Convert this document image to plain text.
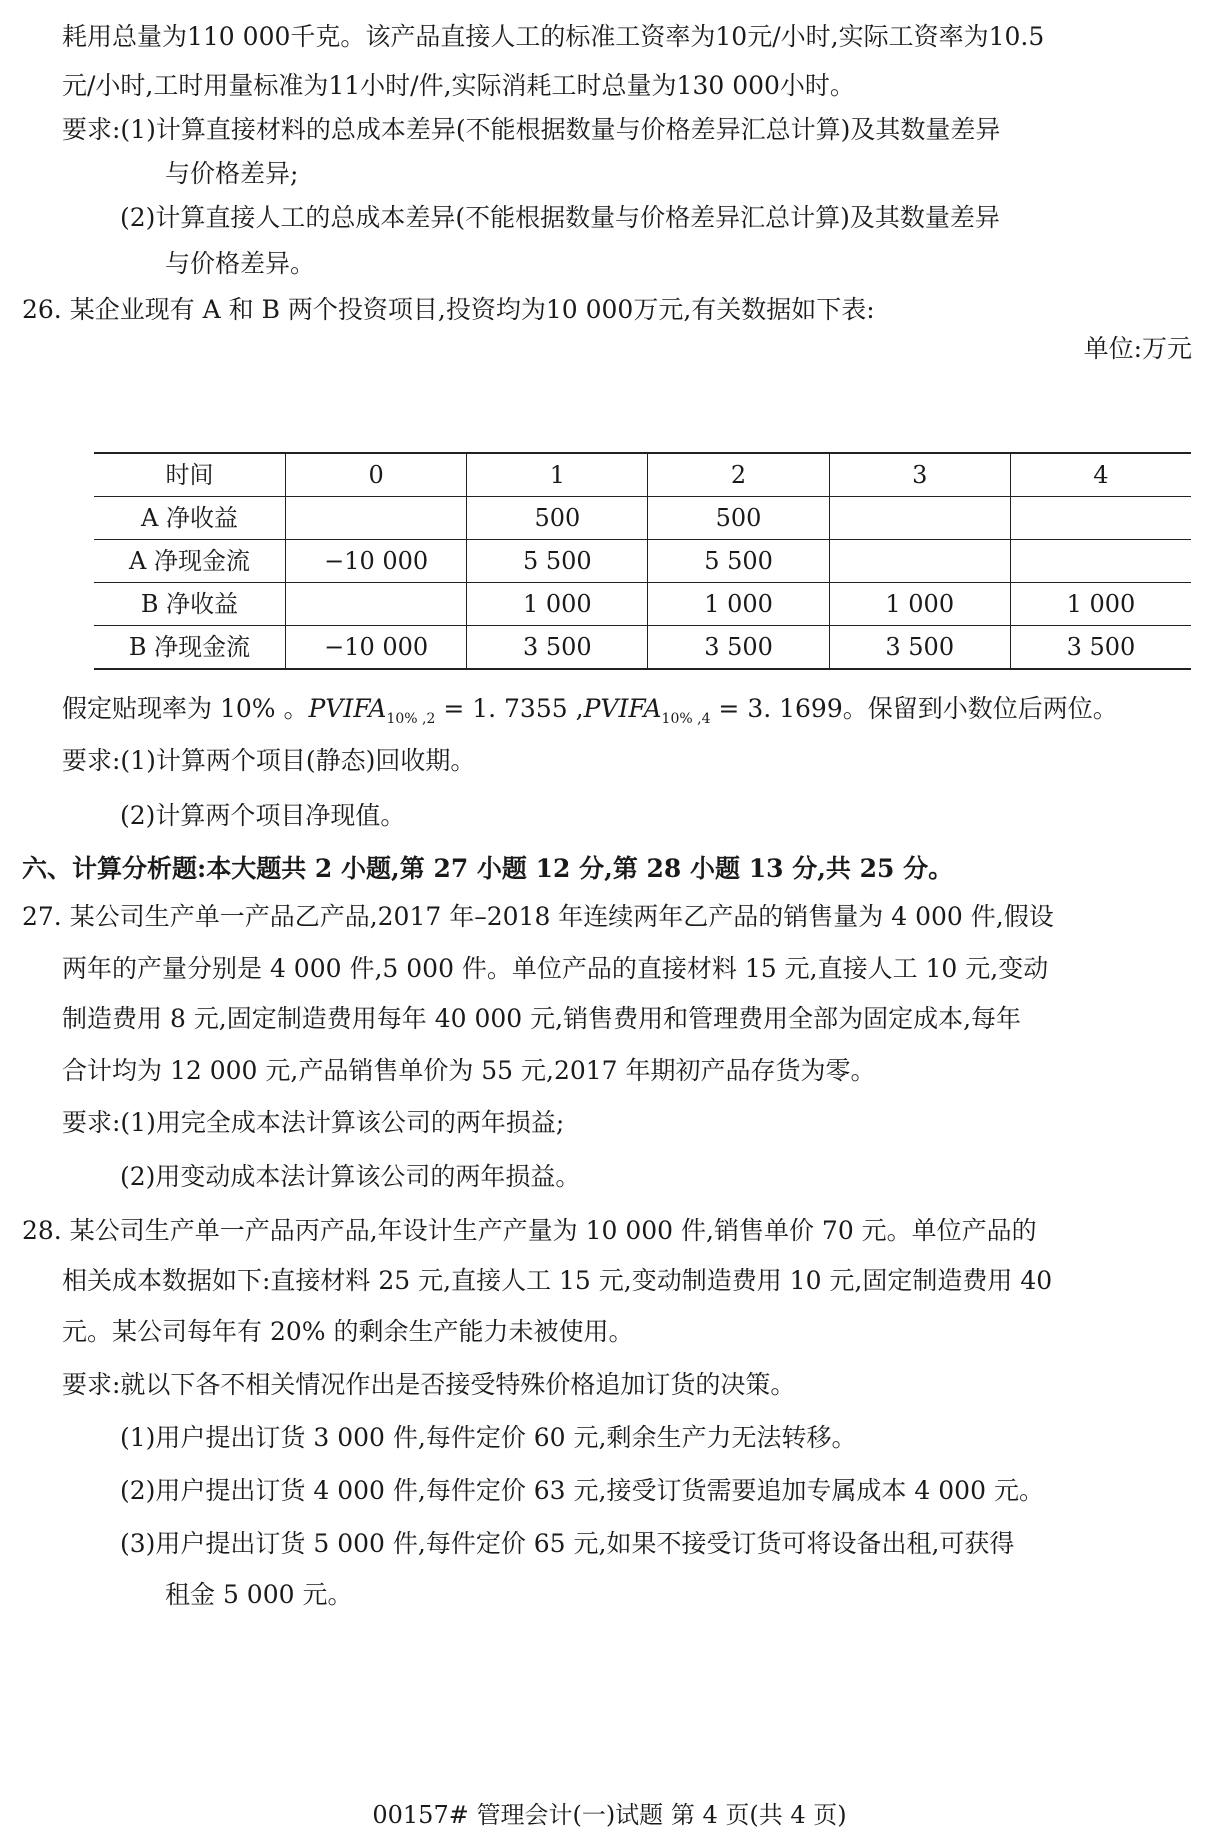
耗用总量为110 000千克。该产品直接人工的标准工资率为10元/小时,实际工资率为10.5
元/小时,工时用量标准为11小时/件,实际消耗工时总量为130 000小时。
要求:(1)计算直接材料的总成本差异(不能根据数量与价格差异汇总计算)及其数量差异
与价格差异;
(2)计算直接人工的总成本差异(不能根据数量与价格差异汇总计算)及其数量差异
与价格差异。
26. 某企业现有 A 和 B 两个投资项目,投资均为10 000万元,有关数据如下表:
单位:万元
时间	0	1	2	3	4
A 净收益		500	500		
A 净现金流	−10 000	5 500	5 500		
B 净收益		1 000	1 000	1 000	1 000
B 净现金流	−10 000	3 500	3 500	3 500	3 500
假定贴现率为 10% 。$PVIFA_{10\% ,2} = 1$. 7355 $,PVIFA_{10\% ,4} = 3$. 1699。保留到小数位后两位。
要求:(1)计算两个项目(静态)回收期。
(2)计算两个项目净现值。
六、计算分析题:本大题共 2 小题,第 27 小题 12 分,第 28 小题 13 分,共 25 分。
27. 某公司生产单一产品乙产品,2017 年–2018 年连续两年乙产品的销售量为 4 000 件,假设
两年的产量分别是 4 000 件,5 000 件。单位产品的直接材料 15 元,直接人工 10 元,变动
制造费用 8 元,固定制造费用每年 40 000 元,销售费用和管理费用全部为固定成本,每年
合计均为 12 000 元,产品销售单价为 55 元,2017 年期初产品存货为零。
要求:(1)用完全成本法计算该公司的两年损益;
(2)用变动成本法计算该公司的两年损益。
28. 某公司生产单一产品丙产品,年设计生产产量为 10 000 件,销售单价 70 元。单位产品的
相关成本数据如下:直接材料 25 元,直接人工 15 元,变动制造费用 10 元,固定制造费用 40
元。某公司每年有 20% 的剩余生产能力未被使用。
要求:就以下各不相关情况作出是否接受特殊价格追加订货的决策。
(1)用户提出订货 3 000 件,每件定价 60 元,剩余生产力无法转移。
(2)用户提出订货 4 000 件,每件定价 63 元,接受订货需要追加专属成本 4 000 元。
(3)用户提出订货 5 000 件,每件定价 65 元,如果不接受订货可将设备出租,可获得
租金 5 000 元。
00157# 管理会计(一)试题 第 4 页(共 4 页)
